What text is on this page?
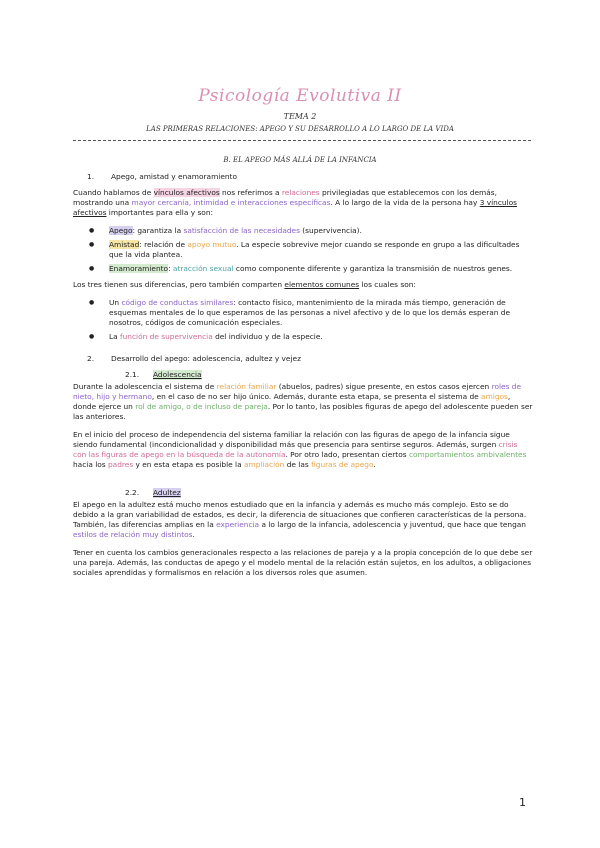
Psicología Evolutiva II
TEMA 2
LAS PRIMERAS RELACIONES: APEGO Y SU DESARROLLO A LO LARGO DE LA VIDA
B. EL APEGO MÁS ALLÁ DE LA INFANCIA
1.	Apego, amistad y enamoramiento

Cuando hablamos de vínculos afectivos nos referimos a relaciones privilegiadas que establecemos con los demás, mostrando una mayor cercanía, intimidad e interacciones específicas. A lo largo de la vida de la persona hay 3 vínculos afectivos importantes para ella y son:

● Apego: garantiza la satisfacción de las necesidades (supervivencia).
● Amistad: relación de apoyo mutuo. La especie sobrevive mejor cuando se responde en grupo a las dificultades que la vida plantea.
● Enamoramiento: atracción sexual como componente diferente y garantiza la transmisión de nuestros genes.

Los tres tienen sus diferencias, pero también comparten elementos comunes los cuales son:

● Un código de conductas similares: contacto físico, mantenimiento de la mirada más tiempo, generación de esquemas mentales de lo que esperamos de las personas a nivel afectivo y de lo que los demás esperan de nosotros, códigos de comunicación especiales.
● La función de supervivencia del individuo y de la especie.
2.	Desarrollo del apego: adolescencia, adultez y vejez
2.1.	Adolescencia

Durante la adolescencia el sistema de relación familiar (abuelos, padres) sigue presente, en estos casos ejercen roles de nieto, hijo y hermano, en el caso de no ser hijo único. Además, durante esta etapa, se presenta el sistema de amigos, donde ejerce un rol de amigo, o de incluso de pareja. Por lo tanto, las posibles figuras de apego del adolescente pueden ser las anteriores.

En el inicio del proceso de independencia del sistema familiar la relación con las figuras de apego de la infancia sigue siendo fundamental (incondicionalidad y disponibilidad más que presencia para sentirse seguros. Además, surgen crisis con las figuras de apego en la búsqueda de la autonomía. Por otro lado, presentan ciertos comportamientos ambivalentes hacia los padres y en esta etapa es posible la ampliación de las figuras de apego.

2.2.	Adultez

El apego en la adultez está mucho menos estudiado que en la infancia y además es mucho más complejo. Esto se do debido a la gran variabilidad de estados, es decir, la diferencia de situaciones que confieren características de la persona. También, las diferencias amplias en la experiencia a lo largo de la infancia, adolescencia y juventud, que hace que tengan estilos de relación muy distintos.

Tener en cuenta los cambios generacionales respecto a las relaciones de pareja y a la propia concepción de lo que debe ser una pareja. Además, las conductas de apego y el modelo mental de la relación están sujetos, en los adultos, a obligaciones sociales aprendidas y formalismos en relación a los diversos roles que asumen.

1
